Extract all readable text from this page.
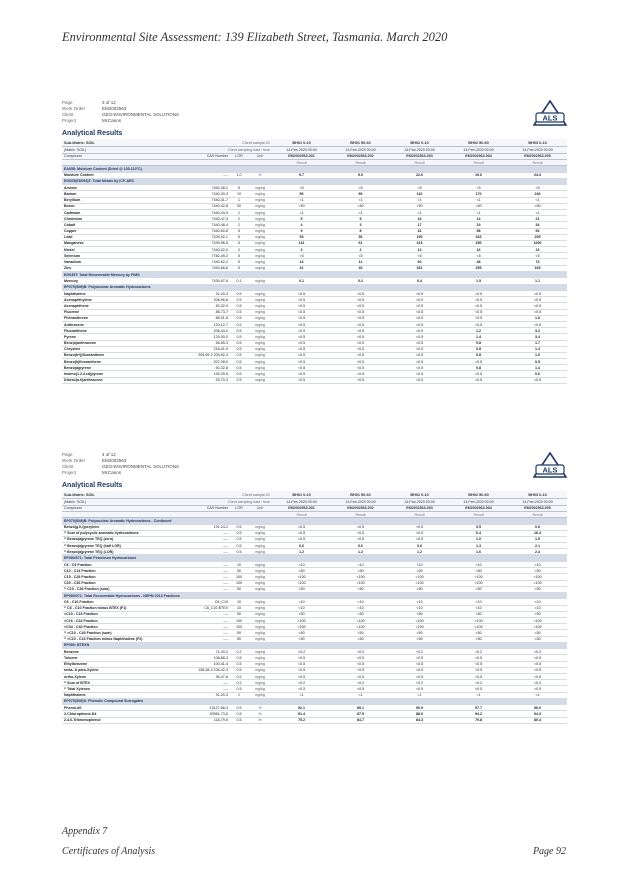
Environmental Site Assessment: 139 Elizabeth Street, Tasmania. March 2020
Page	3 of 12
Work Order	EM2002563
Client	GEO-ENVIRONMENTAL SOLUTIONS
Project	McCanns	ALS
Analytical Results
Sub-Matrix: SOIL	Client sample ID			BH01 0-10	BH01 50-60	BH02 0-10	BH02 50-60	BH03 0-10
(Matrix: SOIL)	Client sampling date / time			14-Feb-2020 00:00	14-Feb-2020 00:00	14-Feb-2020 00:00	14-Feb-2020 00:00	14-Feb-2020 00:00
Compound	CAS Number	LOR	Unit	EM2002563-001	EM2002563-002	EM2002563-003	EM2002563-004	EM2002563-005
				Result	Result	Result	Result	Result
EA055: Moisture Content (Dried @ 105-110°C)								
Moisture Content	----	1.0	%	9.7	9.0	22.6	19.6	24.3
EG005(ED093)T: Total Metals by ICP-AES								
Arsenic	7440-38-2	5	mg/kg	<5	<5	<5	<5	<5
Barium	7440-39-3	10	mg/kg	50	50	110	170	240
Beryllium	7440-41-7	1	mg/kg	<1	<1	<1	<1	<1
Boron	7440-42-8	50	mg/kg	<50	<50	<50	<50	<50
Cadmium	7440-43-9	1	mg/kg	<1	<1	<1	<1	<1
Chromium	7440-47-3	2	mg/kg	5	5	16	14	21
Cobalt	7440-48-4	2	mg/kg	4	3	17	19	34
Copper	7440-50-8	5	mg/kg	9	8	31	58	66
Lead	7439-92-1	5	mg/kg	53	36	150	343	205
Manganese	7439-96-5	5	mg/kg	141	61	213	256	1000
Nickel	7440-02-0	2	mg/kg	3	2	14	14	22
Selenium	7782-49-2	5	mg/kg	<5	<5	<5	<5	<5
Vanadium	7440-62-2	5	mg/kg	14	11	60	48	73
Zinc	7440-66-6	5	mg/kg	41	40	331	255	169
EG035T: Total Recoverable Mercury by FIMS								
Mercury	7439-97-6	0.1	mg/kg	0.1	0.2	0.4	1.5	1.1
EP075(SIM)B: Polynuclear Aromatic Hydrocarbons								
Naphthalene	91-20-3	0.5	mg/kg	<0.5	<0.5	<0.5	<0.5	<0.5
Acenaphthylene	208-96-8	0.5	mg/kg	<0.5	<0.5	<0.5	<0.5	<0.5
Acenaphthene	83-32-9	0.5	mg/kg	<0.5	<0.5	<0.5	<0.5	<0.5
Fluorene	86-73-7	0.5	mg/kg	<0.5	<0.5	<0.5	<0.5	<0.5
Phenanthrene	85-01-8	0.5	mg/kg	<0.5	<0.5	<0.5	<0.5	1.6
Anthracene	120-12-7	0.5	mg/kg	<0.5	<0.5	<0.5	<0.5	<0.5
Fluoranthene	206-44-0	0.5	mg/kg	<0.5	<0.5	<0.5	1.2	3.2
Pyrene	129-00-0	0.5	mg/kg	<0.5	<0.5	<0.5	1.4	3.4
Benz(a)anthracene	56-55-3	0.5	mg/kg	<0.5	<0.5	<0.5	0.8	1.7
Chrysene	218-01-9	0.5	mg/kg	<0.5	<0.5	<0.5	0.8	1.4
Benzo(b+j)fluoranthene	205-99-2 205-82-3	0.5	mg/kg	<0.5	<0.5	<0.5	0.8	1.6
Benzo(k)fluoranthene	207-08-9	0.5	mg/kg	<0.5	<0.5	<0.5	<0.5	0.5
Benzo(a)pyrene	50-32-8	0.5	mg/kg	<0.5	<0.5	<0.5	0.8	1.4
Indeno(1.2.3.cd)pyrene	193-39-5	0.5	mg/kg	<0.5	<0.5	<0.5	<0.5	0.6
Dibenz(a.h)anthracene	53-70-3	0.5	mg/kg	<0.5	<0.5	<0.5	<0.5	<0.5
Page	4 of 12
Work Order	EM2002563
Client	GEO-ENVIRONMENTAL SOLUTIONS
Project	McCanns	ALS
Analytical Results
Sub-Matrix: SOIL	Client sample ID			BH01 0-10	BH01 50-60	BH02 0-10	BH02 50-60	BH03 0-10
(Matrix: SOIL)	Client sampling date / time			14-Feb-2020 00:00	14-Feb-2020 00:00	14-Feb-2020 00:00	14-Feb-2020 00:00	14-Feb-2020 00:00
Compound	CAS Number	LOR	Unit	EM2002563-001	EM2002563-002	EM2002563-003	EM2002563-004	EM2002563-005
				Result	Result	Result	Result	Result
EP075(SIM)B: Polynuclear Aromatic Hydrocarbons - Continued								
Benzo(g.h.i)perylene	191-24-2	0.5	mg/kg	<0.5	<0.5	<0.5	0.5	0.6
^ Sum of polycyclic aromatic hydrocarbons	----	0.5	mg/kg	<0.5	<0.5	<0.5	6.4	16.4
^ Benzo(a)pyrene TEQ (zero)	----	0.5	mg/kg	<0.5	<0.5	<0.5	1.0	1.9
^ Benzo(a)pyrene TEQ (half LOR)	----	0.5	mg/kg	0.6	0.6	0.6	1.3	2.1
^ Benzo(a)pyrene TEQ (LOR)	----	0.5	mg/kg	1.2	1.2	1.2	1.6	2.4
EP080/071: Total Petroleum Hydrocarbons								
C6 - C9 Fraction	----	10	mg/kg	<10	<10	<10	<10	<10
C10 - C14 Fraction	----	50	mg/kg	<50	<50	<50	<50	<50
C15 - C28 Fraction	----	100	mg/kg	<100	<100	<100	<100	<100
C29 - C36 Fraction	----	100	mg/kg	<100	<100	<100	<100	<100
^ C10 - C36 Fraction (sum)	----	50	mg/kg	<50	<50	<50	<50	<50
EP080/071: Total Recoverable Hydrocarbons - NEPM 2013 Fractions								
C6 - C10 Fraction	C6_C10	10	mg/kg	<10	<10	<10	<10	<10
^ C6 - C10 Fraction minus BTEX (F1)	C6_C10-BTEX	10	mg/kg	<10	<10	<10	<10	<10
>C10 - C16 Fraction	----	50	mg/kg	<50	<50	<50	<50	<50
>C16 - C34 Fraction	----	100	mg/kg	<100	<100	<100	<100	<100
>C34 - C40 Fraction	----	100	mg/kg	<100	<100	<100	<100	<100
^ >C10 - C40 Fraction (sum)	----	50	mg/kg	<50	<50	<50	<50	<50
^ >C10 - C16 Fraction minus Naphthalene (F2)	----	50	mg/kg	<50	<50	<50	<50	<50
EP080: BTEXN								
Benzene	71-43-2	0.2	mg/kg	<0.2	<0.2	<0.2	<0.2	<0.2
Toluene	108-88-3	0.5	mg/kg	<0.5	<0.5	<0.5	<0.5	<0.5
Ethylbenzene	100-41-4	0.5	mg/kg	<0.5	<0.5	<0.5	<0.5	<0.5
meta- & para-Xylene	108-38-3 106-42-3	0.5	mg/kg	<0.5	<0.5	<0.5	<0.5	<0.5
ortho-Xylene	95-47-6	0.5	mg/kg	<0.5	<0.5	<0.5	<0.5	<0.5
^ Sum of BTEX	----	0.2	mg/kg	<0.2	<0.2	<0.2	<0.2	<0.2
^ Total Xylenes	----	0.5	mg/kg	<0.5	<0.5	<0.5	<0.5	<0.5
Naphthalene	91-20-3	1	mg/kg	<1	<1	<1	<1	<1
EP075(SIM)S: Phenolic Compound Surrogates								
Phenol-d6	13127-88-3	0.5	%	92.1	89.1	90.9	97.7	96.0
2-Chlorophenol-D4	93951-73-6	0.5	%	91.4	87.9	88.0	94.2	94.3
2.4.6-Tribromophenol	118-79-6	0.5	%	75.2	84.7	84.3	79.8	80.4
Appendix 7
Certificates of Analysis	Page 92
